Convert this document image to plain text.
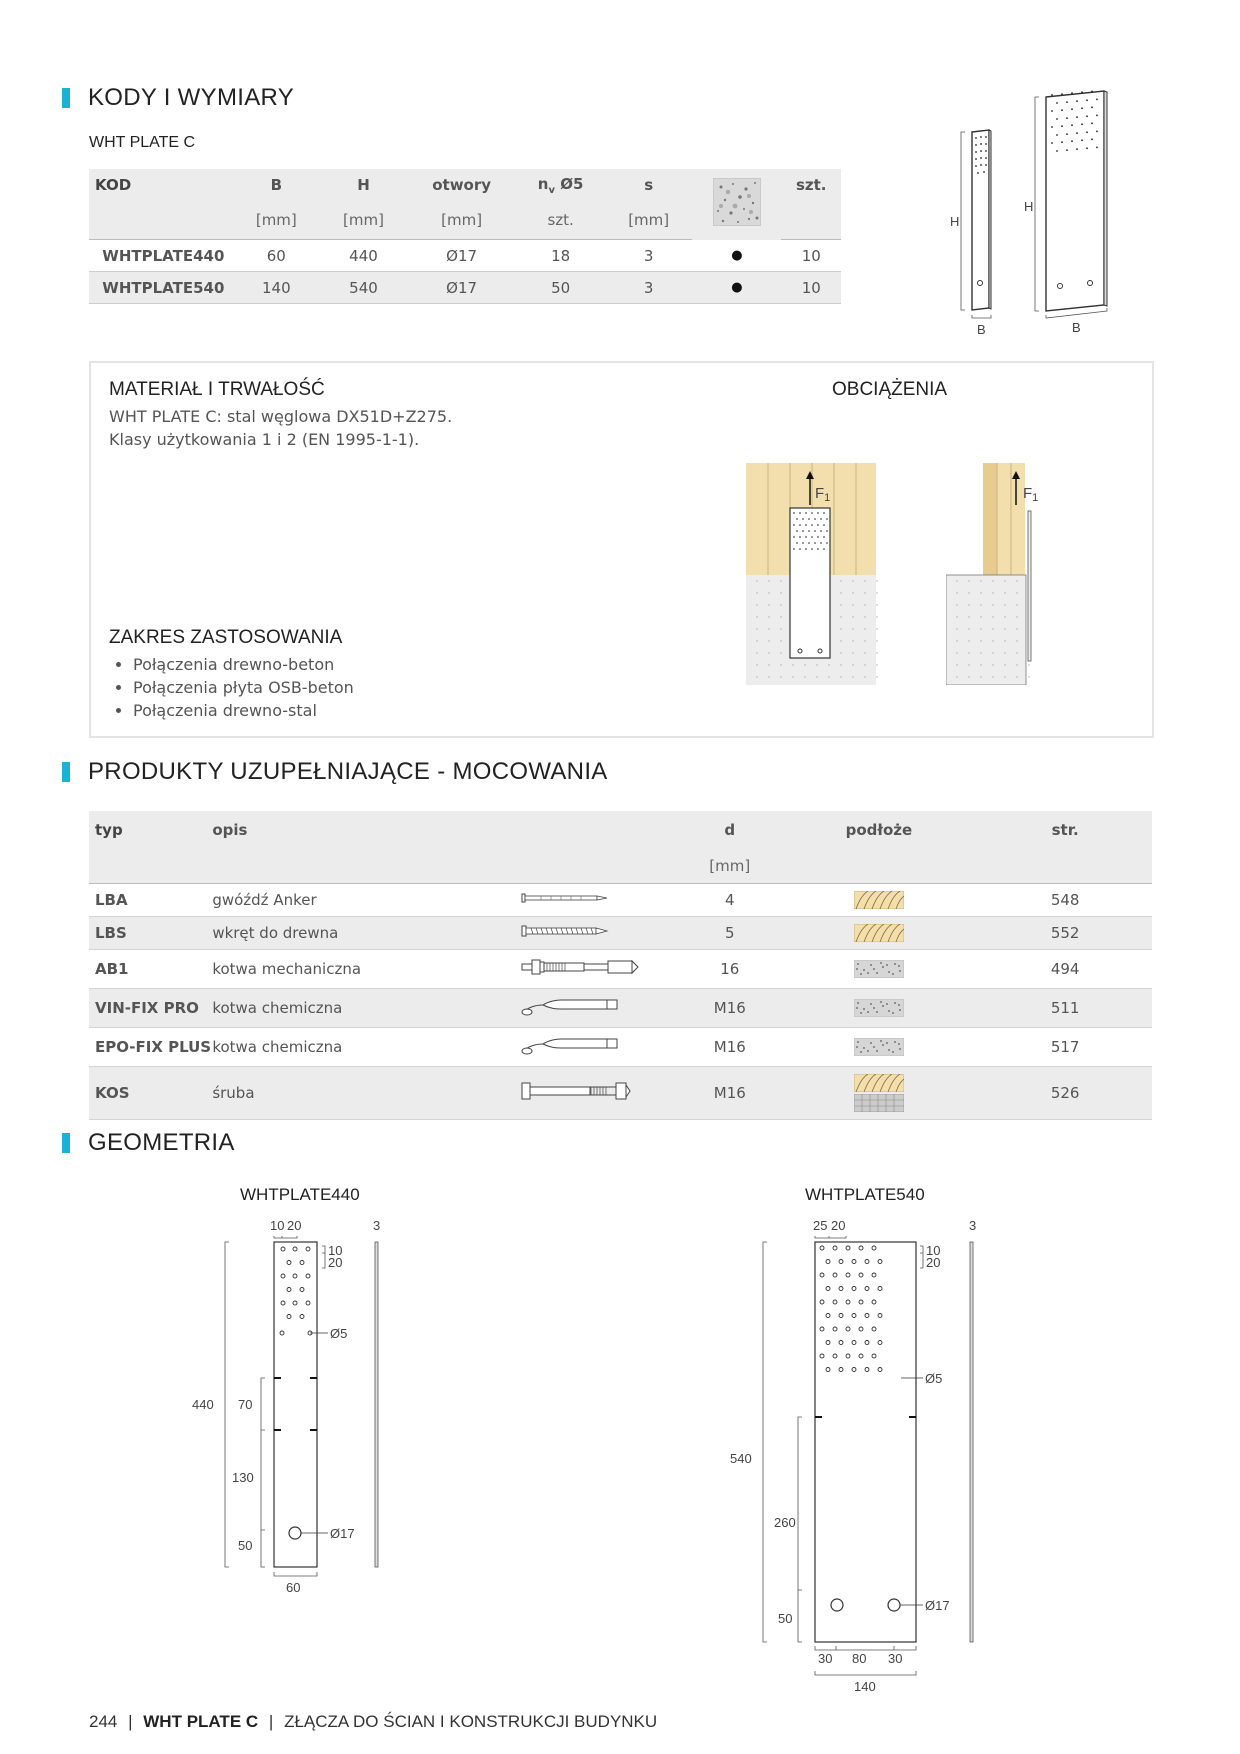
KODY I WYMIARY
WHT PLATE C
KOD	B	H	otwory	$n_v$ Ø5	s		szt.
	[mm]	[mm]	[mm]	szt.	[mm]		
WHTPLATE440	60	440	Ø17	18	3	●	10
WHTPLATE540	140	540	Ø17	50	3	●	10
H
B
H
B
MATERIAŁ I TRWAŁOŚĆ
WHT PLATE C: stal węglowa DX51D+Z275.
Klasy użytkowania 1 i 2 (EN 1995-1-1).
OBCIĄŻENIA
ZAKRES ZASTOSOWANIA
• Połączenia drewno-beton
• Połączenia płyta OSB-beton
• Połączenia drewno-stal
$F_1$	$F_1$
PRODUKTY UZUPEŁNIAJĄCE - MOCOWANIA
typ	opis		d	podłoże	str.
			[mm]		
LBA	gwóźdź Anker		4		548
LBS	wkręt do drewna		5		552
AB1	kotwa mechaniczna		16		494
VIN-FIX PRO	kotwa chemiczna		M16		511
EPO-FIX PLUS	kotwa chemiczna		M16		517
KOS	śruba		M16		526
GEOMETRIA
WHTPLATE440
10 20	3
10
20
Ø5
Ø17
440 70
130
50
60
WHTPLATE540
25 20	3
10
20
Ø5
Ø17
540
260
50
30 80 30
140
244 | WHT PLATE C | ZŁĄCZA DO ŚCIAN I KONSTRUKCJI BUDYNKU
